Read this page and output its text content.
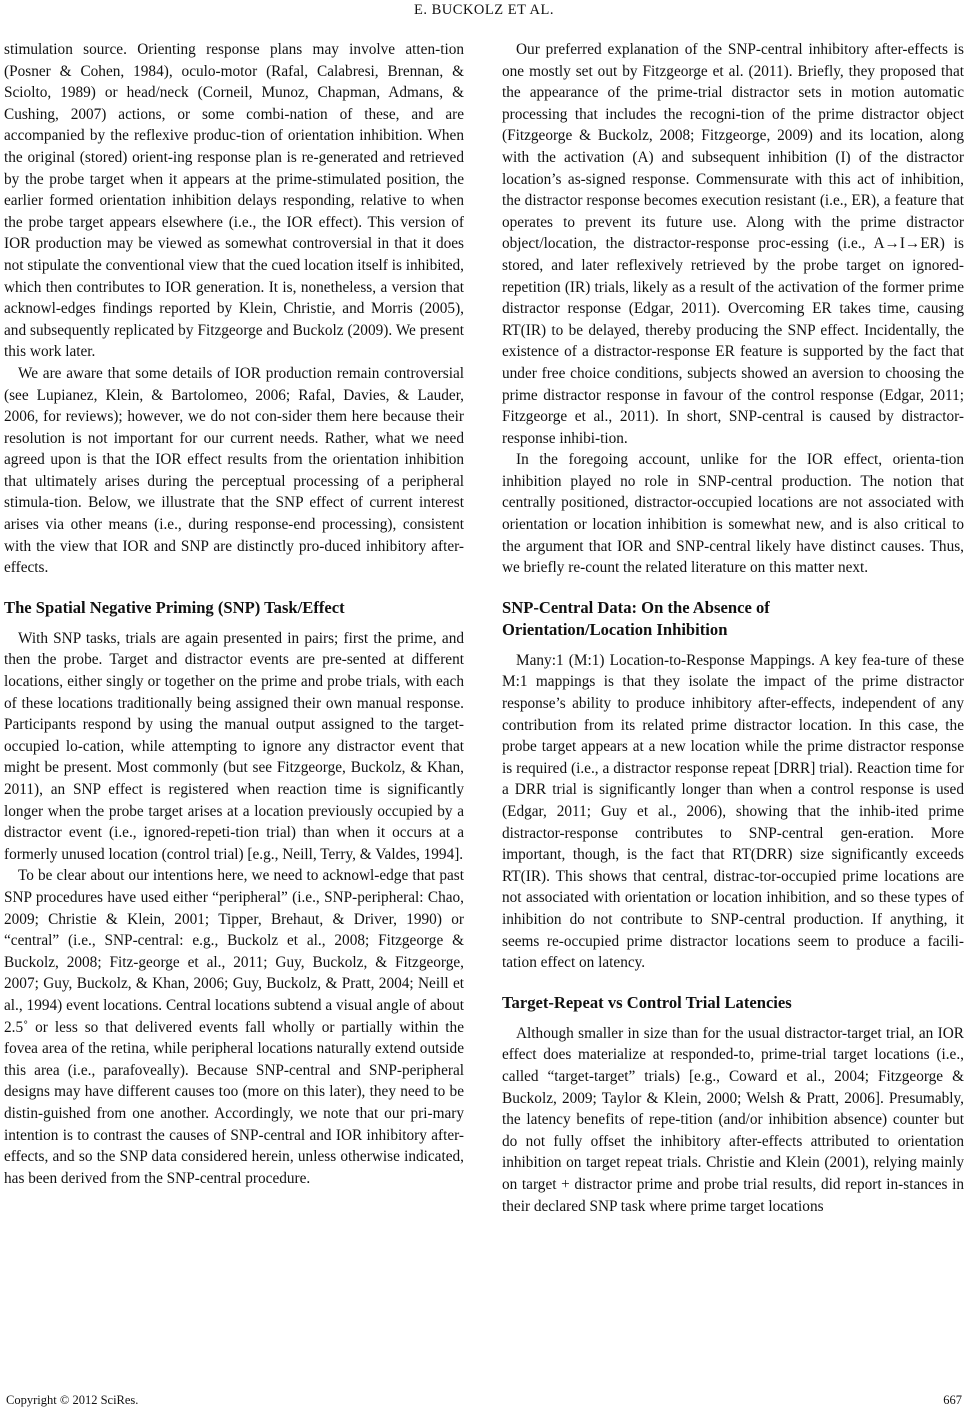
E. BUCKOLZ ET AL.

stimulation source. Orienting response plans may involve atten-tion (Posner & Cohen, 1984), oculo-motor (Rafal, Calabresi, Brennan, & Sciolto, 1989) or head/neck (Corneil, Munoz, Chapman, Admans, & Cushing, 2007) actions, or some combi-nation of these, and are accompanied by the reflexive produc-tion of orientation inhibition. When the original (stored) orient-ing response plan is re-generated and retrieved by the probe target when it appears at the prime-stimulated position, the earlier formed orientation inhibition delays responding, relative to when the probe target appears elsewhere (i.e., the IOR effect). This version of IOR production may be viewed as somewhat controversial in that it does not stipulate the conventional view that the cued location itself is inhibited, which then contributes to IOR generation. It is, nonetheless, a version that acknowl-edges findings reported by Klein, Christie, and Morris (2005), and subsequently replicated by Fitzgeorge and Buckolz (2009). We present this work later.

We are aware that some details of IOR production remain controversial (see Lupianez, Klein, & Bartolomeo, 2006; Rafal, Davies, & Lauder, 2006, for reviews); however, we do not con-sider them here because their resolution is not important for our current needs. Rather, what we need agreed upon is that the IOR effect results from the orientation inhibition that ultimately arises during the perceptual processing of a peripheral stimula-tion. Below, we illustrate that the SNP effect of current interest arises via other means (i.e., during response-end processing), consistent with the view that IOR and SNP are distinctly pro-duced inhibitory after-effects.

The Spatial Negative Priming (SNP) Task/Effect

With SNP tasks, trials are again presented in pairs; first the prime, and then the probe. Target and distractor events are pre-sented at different locations, either singly or together on the prime and probe trials, with each of these locations traditionally being assigned their own manual response. Participants respond by using the manual output assigned to the target-occupied lo-cation, while attempting to ignore any distractor event that might be present. Most commonly (but see Fitzgeorge, Buckolz, & Khan, 2011), an SNP effect is registered when reaction time is significantly longer when the probe target arises at a location previously occupied by a distractor event (i.e., ignored-repeti-tion trial) than when it occurs at a formerly unused location (control trial) [e.g., Neill, Terry, & Valdes, 1994].

To be clear about our intentions here, we need to acknowl-edge that past SNP procedures have used either “peripheral” (i.e., SNP-peripheral: Chao, 2009; Christie & Klein, 2001; Tipper, Brehaut, & Driver, 1990) or “central” (i.e., SNP-central: e.g., Buckolz et al., 2008; Fitzgeorge & Buckolz, 2008; Fitz-george et al., 2011; Guy, Buckolz, & Fitzgeorge, 2007; Guy, Buckolz, & Khan, 2006; Guy, Buckolz, & Pratt, 2004; Neill et al., 1994) event locations. Central locations subtend a visual angle of about 2.5˚ or less so that delivered events fall wholly or partially within the fovea area of the retina, while peripheral locations naturally extend outside this area (i.e., parafoveally). Because SNP-central and SNP-peripheral designs may have different causes too (more on this later), they need to be distin-guished from one another. Accordingly, we note that our pri-mary intention is to contrast the causes of SNP-central and IOR inhibitory after-effects, and so the SNP data considered herein, unless otherwise indicated, has been derived from the SNP-central procedure.

Our preferred explanation of the SNP-central inhibitory after-effects is one mostly set out by Fitzgeorge et al. (2011). Briefly, they proposed that the appearance of the prime-trial distractor sets in motion automatic processing that includes the recogni-tion of the prime distractor object (Fitzgeorge & Buckolz, 2008; Fitzgeorge, 2009) and its location, along with the activation (A) and subsequent inhibition (I) of the distractor location’s as-signed response. Commensurate with this act of inhibition, the distractor response becomes execution resistant (i.e., ER), a feature that operates to prevent its future use. Along with the prime distractor object/location, the distractor-response proc-essing (i.e., A→I→ER) is stored, and later reflexively retrieved by the probe target on ignored-repetition (IR) trials, likely as a result of the activation of the former prime distractor response (Edgar, 2011). Overcoming ER takes time, causing RT(IR) to be delayed, thereby producing the SNP effect. Incidentally, the existence of a distractor-response ER feature is supported by the fact that under free choice conditions, subjects showed an aversion to choosing the prime distractor response in favour of the control response (Edgar, 2011; Fitzgeorge et al., 2011). In short, SNP-central is caused by distractor-response inhibi-tion.

In the foregoing account, unlike for the IOR effect, orienta-tion inhibition played no role in SNP-central production. The notion that centrally positioned, distractor-occupied locations are not associated with orientation or location inhibition is somewhat new, and is also critical to the argument that IOR and SNP-central likely have distinct causes. Thus, we briefly re-count the related literature on this matter next.

SNP-Central Data: On the Absence of
Orientation/Location Inhibition

Many:1 (M:1) Location-to-Response Mappings. A key fea-ture of these M:1 mappings is that they isolate the impact of the prime distractor response’s ability to produce inhibitory after-effects, independent of any contribution from its related prime distractor location. In this case, the probe target appears at a new location while the prime distractor response is required (i.e., a distractor response repeat [DRR] trial). Reaction time for a DRR trial is significantly longer than when a control response is used (Edgar, 2011; Guy et al., 2006), showing that the inhib-ited prime distractor-response contributes to SNP-central gen-eration. More important, though, is the fact that RT(DRR) size significantly exceeds RT(IR). This shows that central, distrac-tor-occupied prime locations are not associated with orientation or location inhibition, and so these types of inhibition do not contribute to SNP-central production. If anything, it seems re-occupied prime distractor locations seem to produce a facili-tation effect on latency.

Target-Repeat vs Control Trial Latencies

Although smaller in size than for the usual distractor-target trial, an IOR effect does materialize at responded-to, prime-trial target locations (i.e., called “target-target” trials) [e.g., Coward et al., 2004; Fitzgeorge & Buckolz, 2009; Taylor & Klein, 2000; Welsh & Pratt, 2006]. Presumably, the latency benefits of repe-tition (and/or inhibition absence) counter but do not fully offset the inhibitory after-effects attributed to orientation inhibition on target repeat trials. Christie and Klein (2001), relying mainly on target + distractor prime and probe trial results, did report in-stances in their declared SNP task where prime target locations

Copyright © 2012 SciRes.	667
